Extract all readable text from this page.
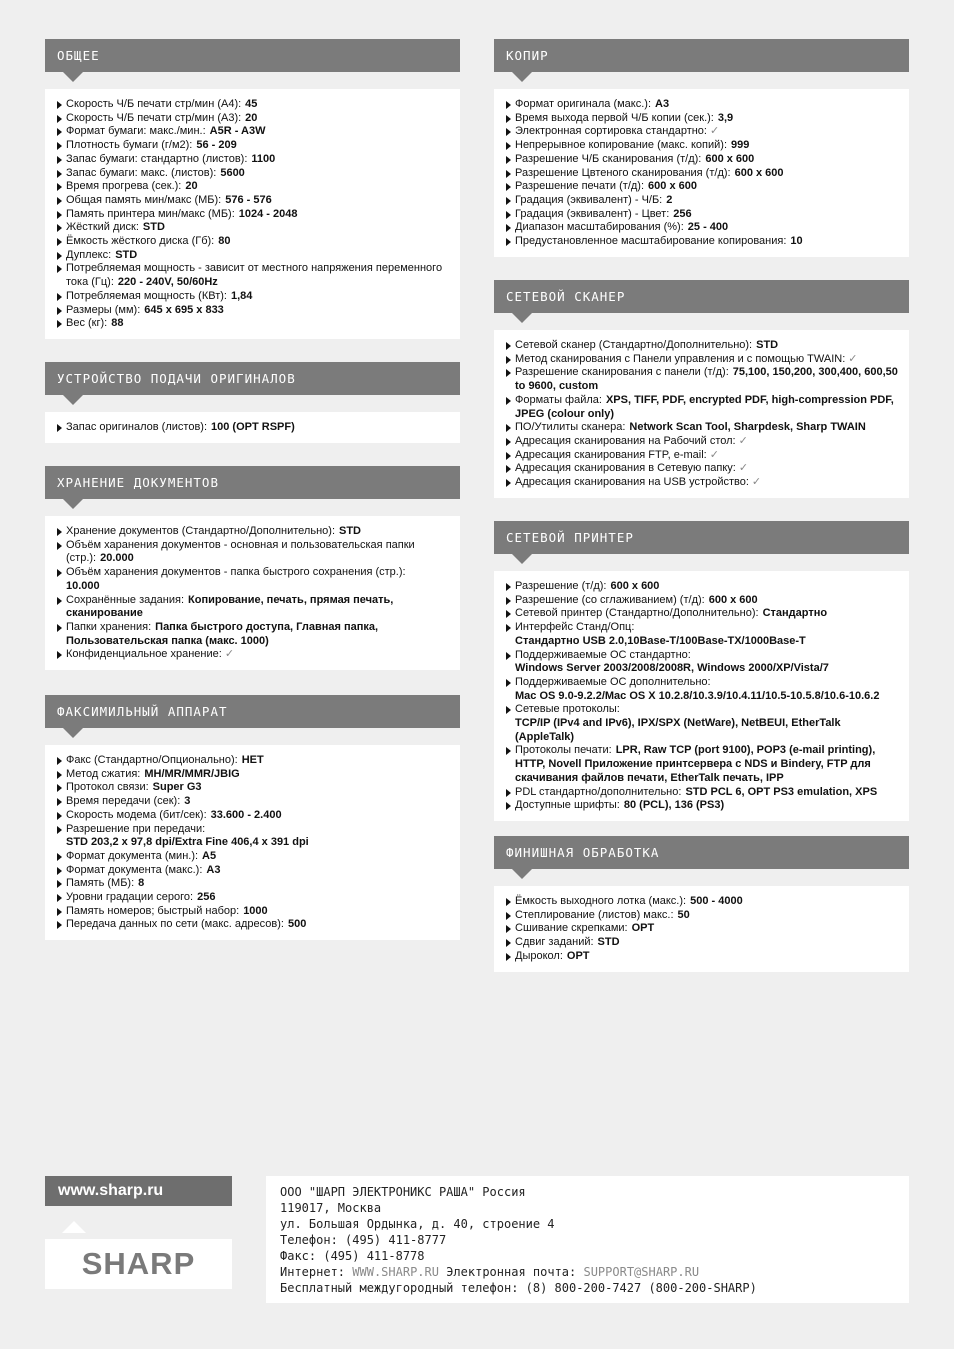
ОБЩЕЕ
Скорость Ч/Б печати стр/мин (А4): 45
Скорость Ч/Б печати стр/мин (А3): 20
Формат бумаги: макс./мин.: A5R - A3W
Плотность бумаги (г/м2): 56 - 209
Запас бумаги: стандартно (листов): 1100
Запас бумаги: макс. (листов): 5600
Время прогрева (сек.): 20
Общая память мин/макс (МБ): 576 - 576
Память принтера мин/макс (МБ): 1024 - 2048
Жёсткий диск: STD
Ёмкость жёсткого диска (Гб): 80
Дуплекс: STD
Потребляемая мощность - зависит от местного напряжения переменного тока (Гц): 220 - 240V, 50/60Hz
Потребляемая мощность (КВт): 1,84
Размеры (мм): 645 x 695 x 833
Вес (кг): 88
УСТРОЙСТВО ПОДАЧИ ОРИГИНАЛОВ
Запас оригиналов (листов): 100 (OPT RSPF)
ХРАНЕНИЕ ДОКУМЕНТОВ
Хранение документов (Стандартно/Дополнительно): STD
Объём харанения документов - основная и пользовательская папки (стр.): 20.000
Объём харанения документов - папка быстрого сохранения (стр.):
10.000
Сохранённые задания: Копирование, печать, прямая печать, сканирование
Папки хранения: Папка быстрого доступа, Главная папка, Пользовательская папка (макс. 1000)
Конфиденциальное хранение: ✓
ФАКСИМИЛЬНЫЙ АППАРАТ
Факс (Стандартно/Опционально): НЕТ
Метод сжатия: MH/MR/MMR/JBIG
Протокол связи: Super G3
Время передачи (сек): 3
Скорость модема (бит/сек): 33.600 - 2.400
Разрешение при передачи:
STD 203,2 x 97,8 dpi/Extra Fine 406,4 x 391 dpi
Формат документа (мин.): A5
Формат документа (макс.): A3
Память (МБ): 8
Уровни градации серого: 256
Память номеров; быстрый набор: 1000
Передача данных по сети (макс. адресов): 500
КОПИР
Формат оригинала (макс.): A3
Время выхода первой Ч/Б копии (сек.): 3,9
Электронная сортировка стандартно: ✓
Непрерывное копирование (макс. копий): 999
Разрешение Ч/Б сканирования (т/д): 600 x 600
Разрешение Цвтеного сканирования (т/д): 600 x 600
Разрешение печати (т/д): 600 x 600
Градация (эквивалент) - Ч/Б: 2
Градация (эквивалент) - Цвет: 256
Диапазон масштабирования (%): 25 - 400
Предустановленное масштабирование копирования: 10
СЕТЕВОЙ СКАНЕР
Сетевой сканер (Стандартно/Дополнительно): STD
Метод сканирования с Панели управления и с помощью TWAIN: ✓
Разрешение сканирования с панели (т/д): 75,100, 150,200, 300,400, 600,50 to 9600, custom
Форматы файла: XPS, TIFF, PDF, encrypted PDF, high-compression PDF, JPEG (colour only)
ПО/Утилиты сканера: Network Scan Tool, Sharpdesk, Sharp TWAIN
Адресация сканирования на Рабочий стол: ✓
Адресация сканирования FTP, e-mail: ✓
Адресация сканирования в Сетевую папку: ✓
Адресация сканирования на USB устройство: ✓
СЕТЕВОЙ ПРИНТЕР
Разрешение (т/д): 600 x 600
Разрешение (со сглаживанием) (т/д): 600 x 600
Сетевой принтер (Стандартно/Дополнительно): Стандартно
Интерфейс Станд/Опц:
Стандартно USB 2.0,10Base-T/100Base-TX/1000Base-T
Поддерживаемые ОС стандартно:
Windows Server 2003/2008/2008R, Windows 2000/XP/Vista/7
Поддерживаемые ОС дополнительно:
Mac OS 9.0-9.2.2/Mac OS X 10.2.8/10.3.9/10.4.11/10.5-10.5.8/10.6-10.6.2
Сетевые протоколы:
TCP/IP (IPv4 and IPv6), IPX/SPX (NetWare), NetBEUI, EtherTalk (AppleTalk)
Протоколы печати: LPR, Raw TCP (port 9100), POP3 (e-mail printing), HTTP, Novell Приложение принтсервера с NDS и Bindery, FTP для скачивания файлов печати, EtherTalk печать, IPP
PDL стандартно/дополнительно: STD PCL 6, OPT PS3 emulation, XPS
Доступные шрифты: 80 (PCL), 136 (PS3)
ФИНИШНАЯ ОБРАБОТКА
Ёмкость выходного лотка (макс.): 500 - 4000
Степлирование (листов) макс.: 50
Сшивание скрепками: OPT
Сдвиг заданий: STD
Дырокол: OPT
www.sharp.ru
SHARP
ООО "ШАРП ЭЛЕКТРОНИКС РАША" Россия
119017, Москва
ул. Большая Ордынка, д. 40, строение 4
Телефон: (495) 411-8777
Факс: (495) 411-8778
Интернет: WWW.SHARP.RU Электронная почта: SUPPORT@SHARP.RU
Бесплатный междугородный телефон: (8) 800-200-7427 (800-200-SHARP)
